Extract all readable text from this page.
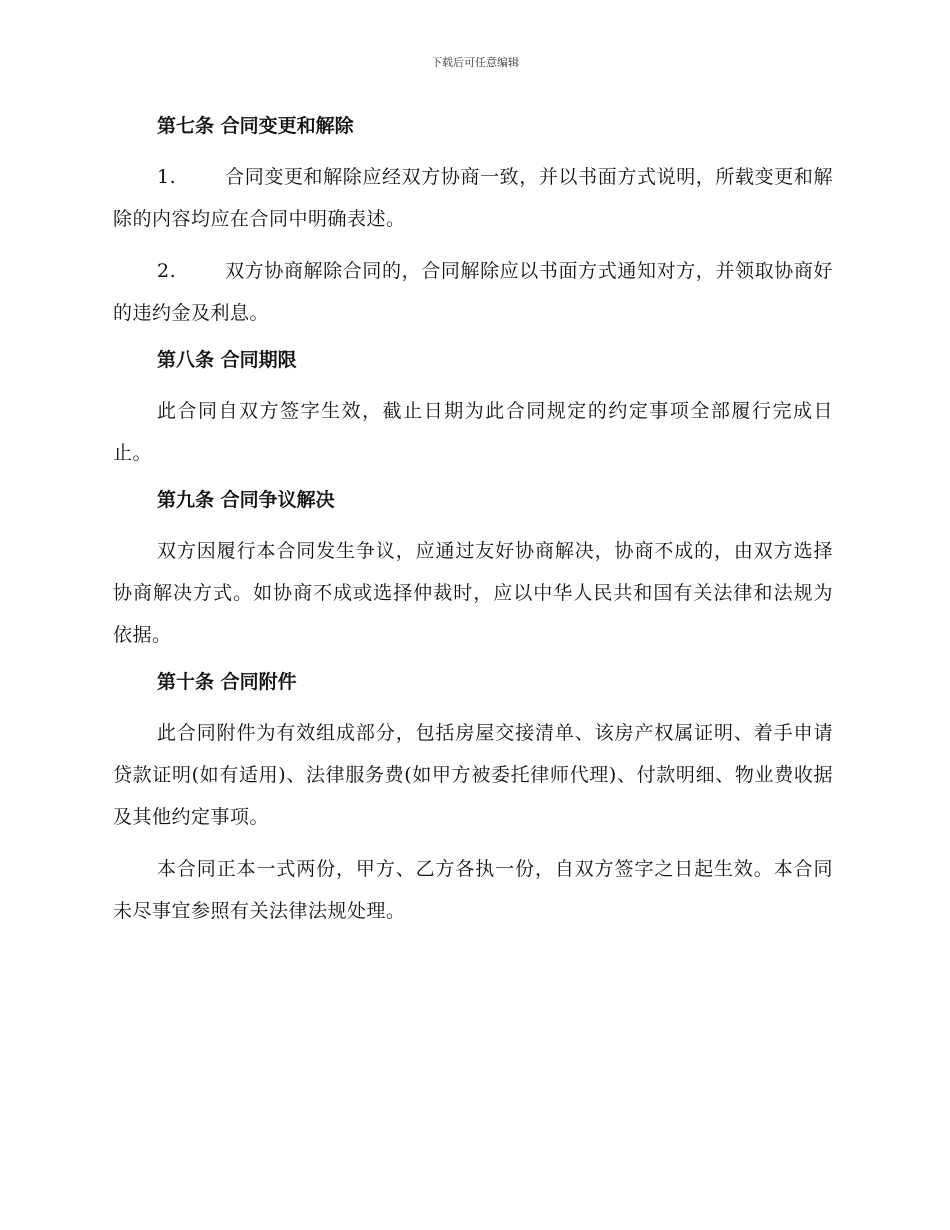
下载后可任意编辑
第七条 合同变更和解除

1.	合同变更和解除应经双方协商一致，并以书面方式说明，所载变更和解除的内容均应在合同中明确表述。

2.	双方协商解除合同的，合同解除应以书面方式通知对方，并领取协商好的违约金及利息。

第八条 合同期限

此合同自双方签字生效，截止日期为此合同规定的约定事项全部履行完成日止。

第九条 合同争议解决

双方因履行本合同发生争议，应通过友好协商解决，协商不成的，由双方选择协商解决方式。如协商不成或选择仲裁时，应以中华人民共和国有关法律和法规为依据。

第十条 合同附件

此合同附件为有效组成部分，包括房屋交接清单、该房产权属证明、着手申请贷款证明(如有适用)、法律服务费(如甲方被委托律师代理)、付款明细、物业费收据及其他约定事项。

本合同正本一式两份，甲方、乙方各执一份，自双方签字之日起生效。本合同未尽事宜参照有关法律法规处理。
